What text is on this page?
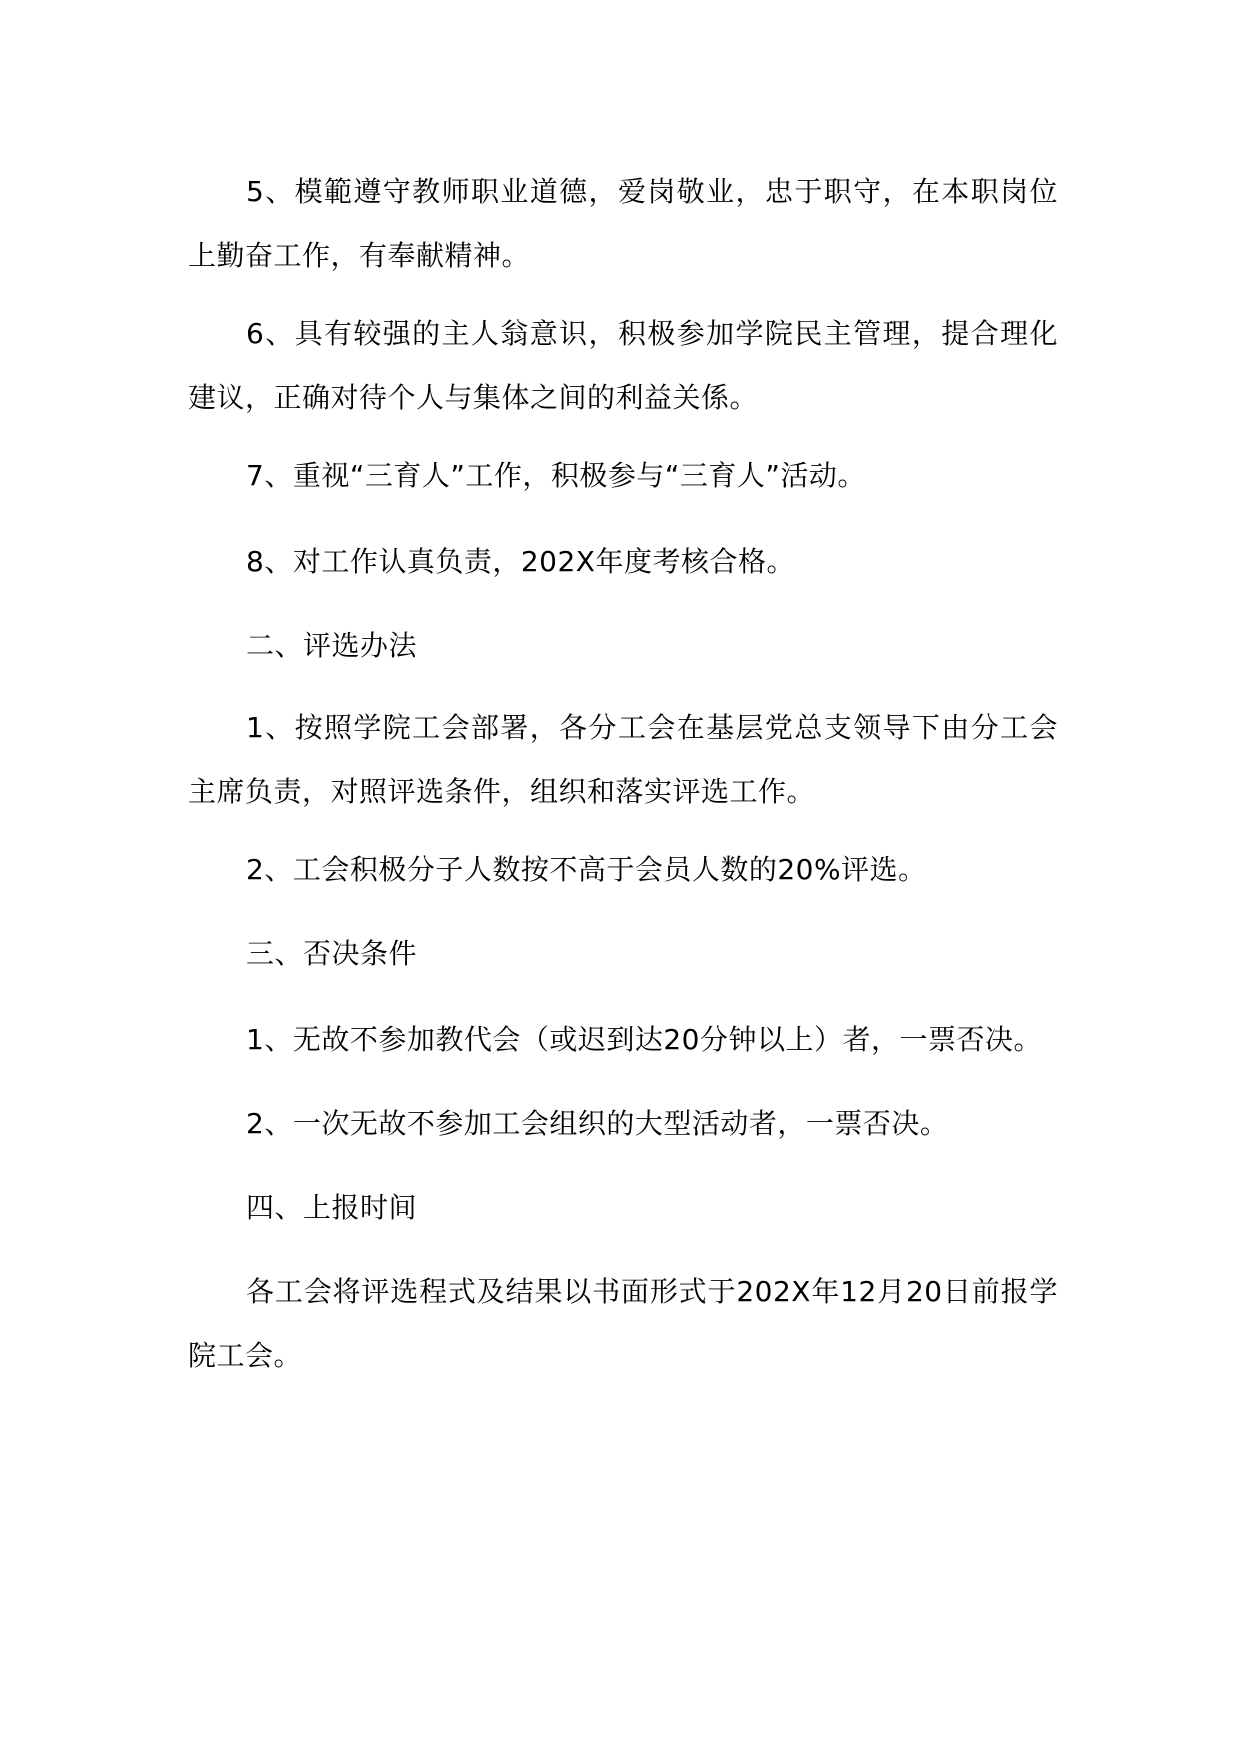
5、模範遵守教师职业道德，爱岗敬业，忠于职守，在本职岗位上勤奋工作，有奉献精神。

6、具有较强的主人翁意识，积极参加学院民主管理，提合理化建议，正确对待个人与集体之间的利益关係。

7、重视“三育人”工作，积极参与“三育人”活动。

8、对工作认真负责，202X年度考核合格。

二、评选办法

1、按照学院工会部署，各分工会在基层党总支领导下由分工会主席负责，对照评选条件，组织和落实评选工作。

2、工会积极分子人数按不高于会员人数的20%评选。

三、否决条件

1、无故不参加教代会（或迟到达20分钟以上）者，一票否决。

2、一次无故不参加工会组织的大型活动者，一票否决。

四、上报时间

各工会将评选程式及结果以书面形式于202X年12月20日前报学院工会。
